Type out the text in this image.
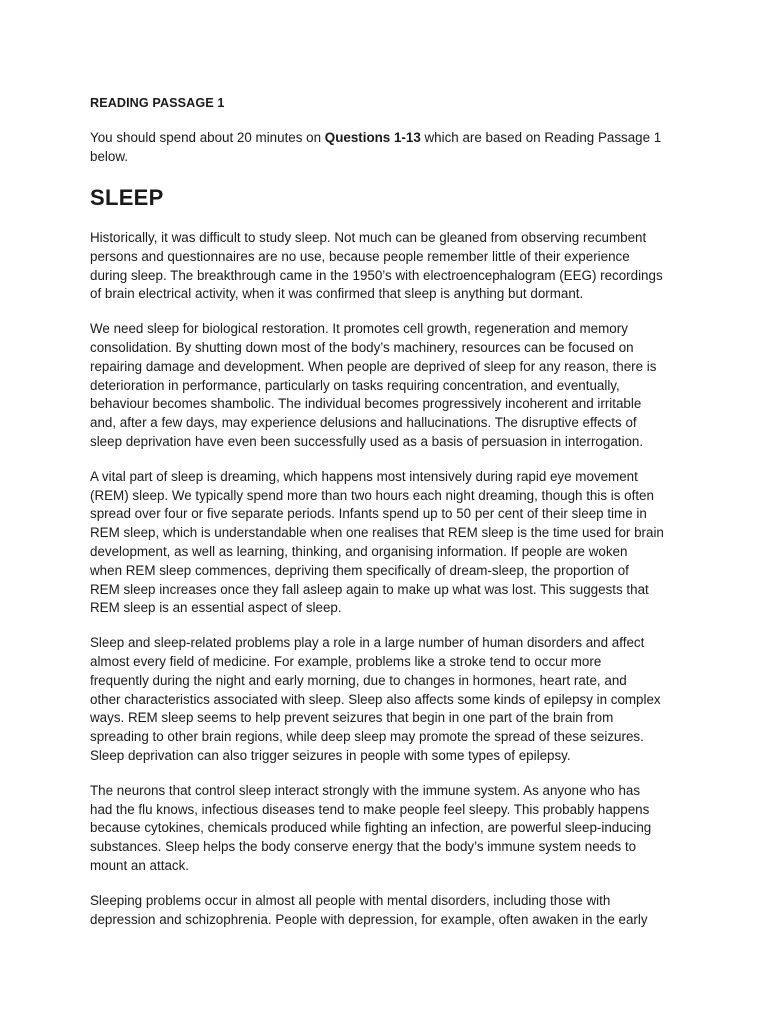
READING PASSAGE 1
You should spend about 20 minutes on Questions 1-13 which are based on Reading Passage 1
below.
SLEEP
Historically, it was difficult to study sleep. Not much can be gleaned from observing recumbent
persons and questionnaires are no use, because people remember little of their experience
during sleep. The breakthrough came in the 1950’s with electroencephalogram (EEG) recordings
of brain electrical activity, when it was confirmed that sleep is anything but dormant.
We need sleep for biological restoration. It promotes cell growth, regeneration and memory
consolidation. By shutting down most of the body’s machinery, resources can be focused on
repairing damage and development. When people are deprived of sleep for any reason, there is
deterioration in performance, particularly on tasks requiring concentration, and eventually,
behaviour becomes shambolic. The individual becomes progressively incoherent and irritable
and, after a few days, may experience delusions and hallucinations. The disruptive effects of
sleep deprivation have even been successfully used as a basis of persuasion in interrogation.
A vital part of sleep is dreaming, which happens most intensively during rapid eye movement
(REM) sleep. We typically spend more than two hours each night dreaming, though this is often
spread over four or five separate periods. Infants spend up to 50 per cent of their sleep time in
REM sleep, which is understandable when one realises that REM sleep is the time used for brain
development, as well as learning, thinking, and organising information. If people are woken
when REM sleep commences, depriving them specifically of dream-sleep, the proportion of
REM sleep increases once they fall asleep again to make up what was lost. This suggests that
REM sleep is an essential aspect of sleep.
Sleep and sleep-related problems play a role in a large number of human disorders and affect
almost every field of medicine. For example, problems like a stroke tend to occur more
frequently during the night and early morning, due to changes in hormones, heart rate, and
other characteristics associated with sleep. Sleep also affects some kinds of epilepsy in complex
ways. REM sleep seems to help prevent seizures that begin in one part of the brain from
spreading to other brain regions, while deep sleep may promote the spread of these seizures.
Sleep deprivation can also trigger seizures in people with some types of epilepsy.
The neurons that control sleep interact strongly with the immune system. As anyone who has
had the flu knows, infectious diseases tend to make people feel sleepy. This probably happens
because cytokines, chemicals produced while fighting an infection, are powerful sleep-inducing
substances. Sleep helps the body conserve energy that the body’s immune system needs to
mount an attack.
Sleeping problems occur in almost all people with mental disorders, including those with
depression and schizophrenia. People with depression, for example, often awaken in the early
